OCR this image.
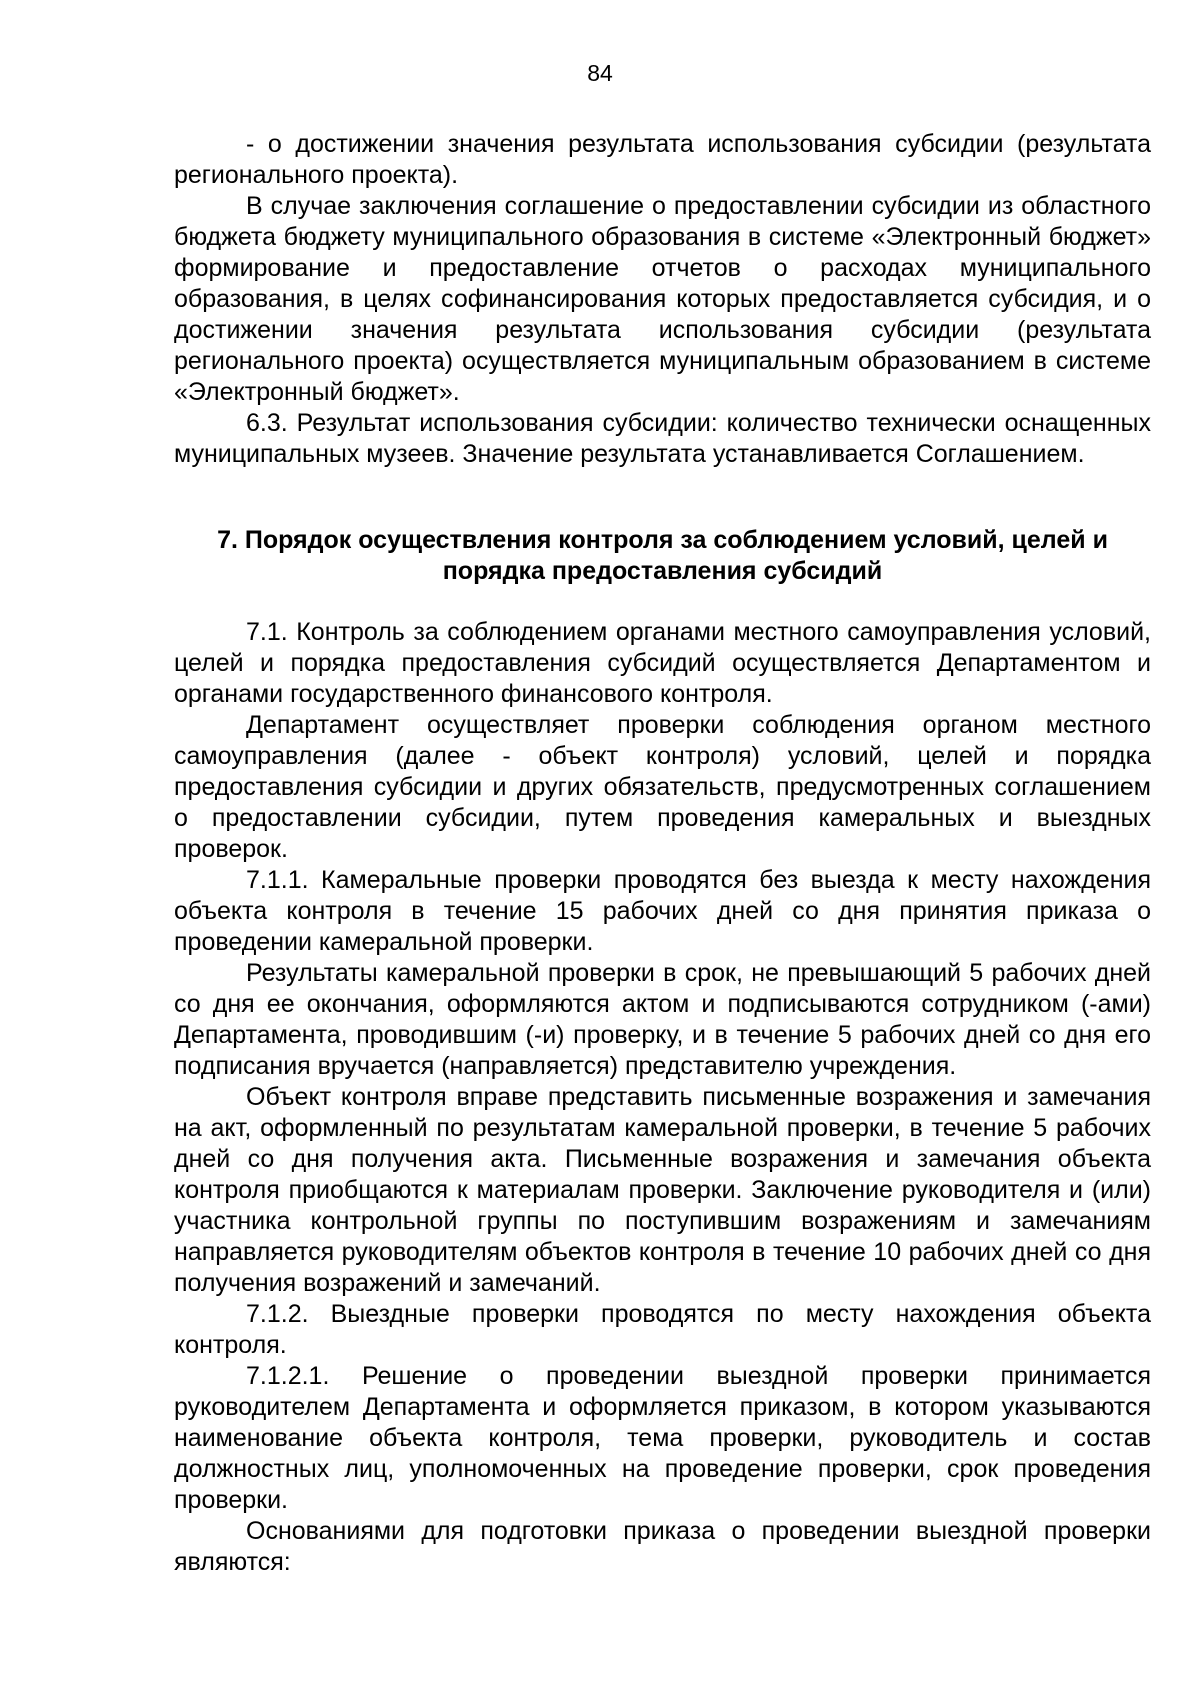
84

- о достижении значения результата использования субсидии (результата регионального проекта).

В случае заключения соглашение о предоставлении субсидии из областного бюджета бюджету муниципального образования в системе «Электронный бюджет» формирование и предоставление отчетов о расходах муниципального образования, в целях софинансирования которых предоставляется субсидия, и о достижении значения результата использования субсидии (результата регионального проекта) осуществляется муниципальным образованием в системе «Электронный бюджет».

6.3. Результат использования субсидии: количество технически оснащенных муниципальных музеев. Значение результата устанавливается Соглашением.

7. Порядок осуществления контроля за соблюдением условий, целей и порядка предоставления субсидий

7.1. Контроль за соблюдением органами местного самоуправления условий, целей и порядка предоставления субсидий осуществляется Департаментом и органами государственного финансового контроля.

Департамент осуществляет проверки соблюдения органом местного самоуправления (далее - объект контроля) условий, целей и порядка предоставления субсидии и других обязательств, предусмотренных соглашением о предоставлении субсидии, путем проведения камеральных и выездных проверок.

7.1.1. Камеральные проверки проводятся без выезда к месту нахождения объекта контроля в течение 15 рабочих дней со дня принятия приказа о проведении камеральной проверки.

Результаты камеральной проверки в срок, не превышающий 5 рабочих дней со дня ее окончания, оформляются актом и подписываются сотрудником (-ами) Департамента, проводившим (-и) проверку, и в течение 5 рабочих дней со дня его подписания вручается (направляется) представителю учреждения.

Объект контроля вправе представить письменные возражения и замечания на акт, оформленный по результатам камеральной проверки, в течение 5 рабочих дней со дня получения акта. Письменные возражения и замечания объекта контроля приобщаются к материалам проверки. Заключение руководителя и (или) участника контрольной группы по поступившим возражениям и замечаниям направляется руководителям объектов контроля в течение 10 рабочих дней со дня получения возражений и замечаний.

7.1.2. Выездные проверки проводятся по месту нахождения объекта контроля.

7.1.2.1. Решение о проведении выездной проверки принимается руководителем Департамента и оформляется приказом, в котором указываются наименование объекта контроля, тема проверки, руководитель и состав должностных лиц, уполномоченных на проведение проверки, срок проведения проверки.

Основаниями для подготовки приказа о проведении выездной проверки являются:
